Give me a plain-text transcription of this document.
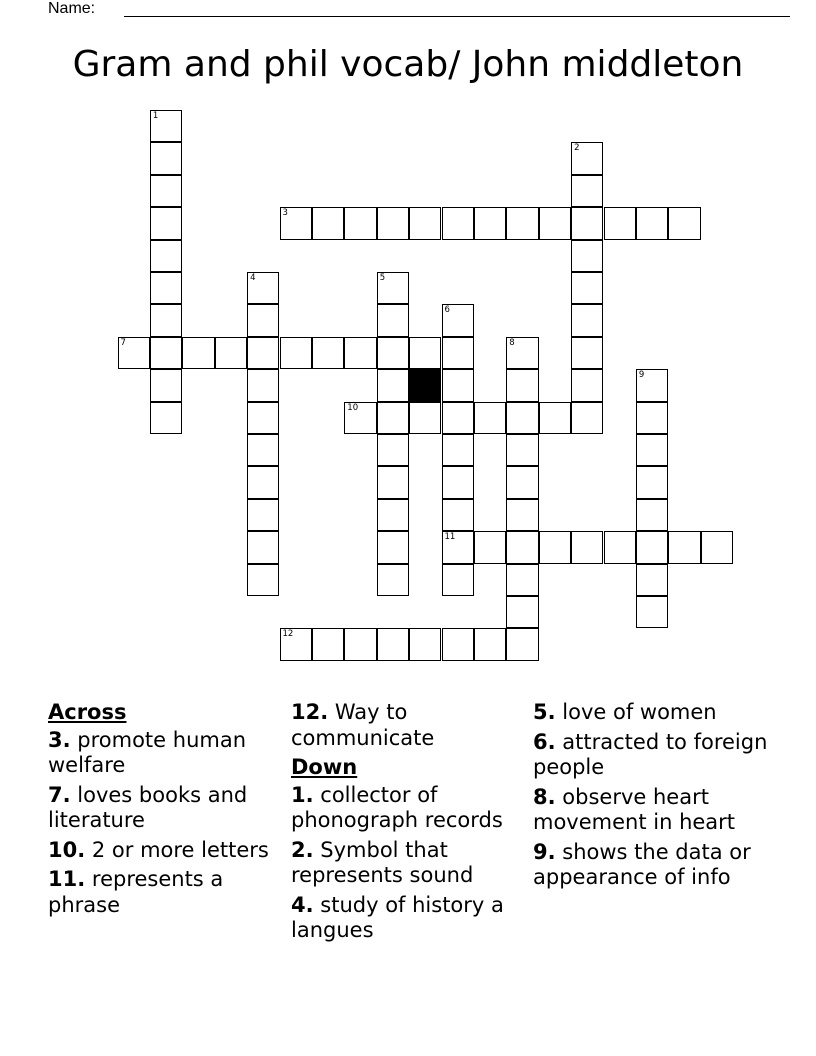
Name:
Gram and phil vocab/ John middleton
1
2
3
4	5
6
11
7	8
9
10
12
Across
3. promote human welfare
7. loves books and literature
10. 2 or more letters
11. represents a phrase
12. Way to communicate
Down
1. collector of phonograph records
2. Symbol that represents sound
4. study of history a langues
5. love of women
6. attracted to foreign people
8. observe heart movement in heart
9. shows the data or appearance of info
